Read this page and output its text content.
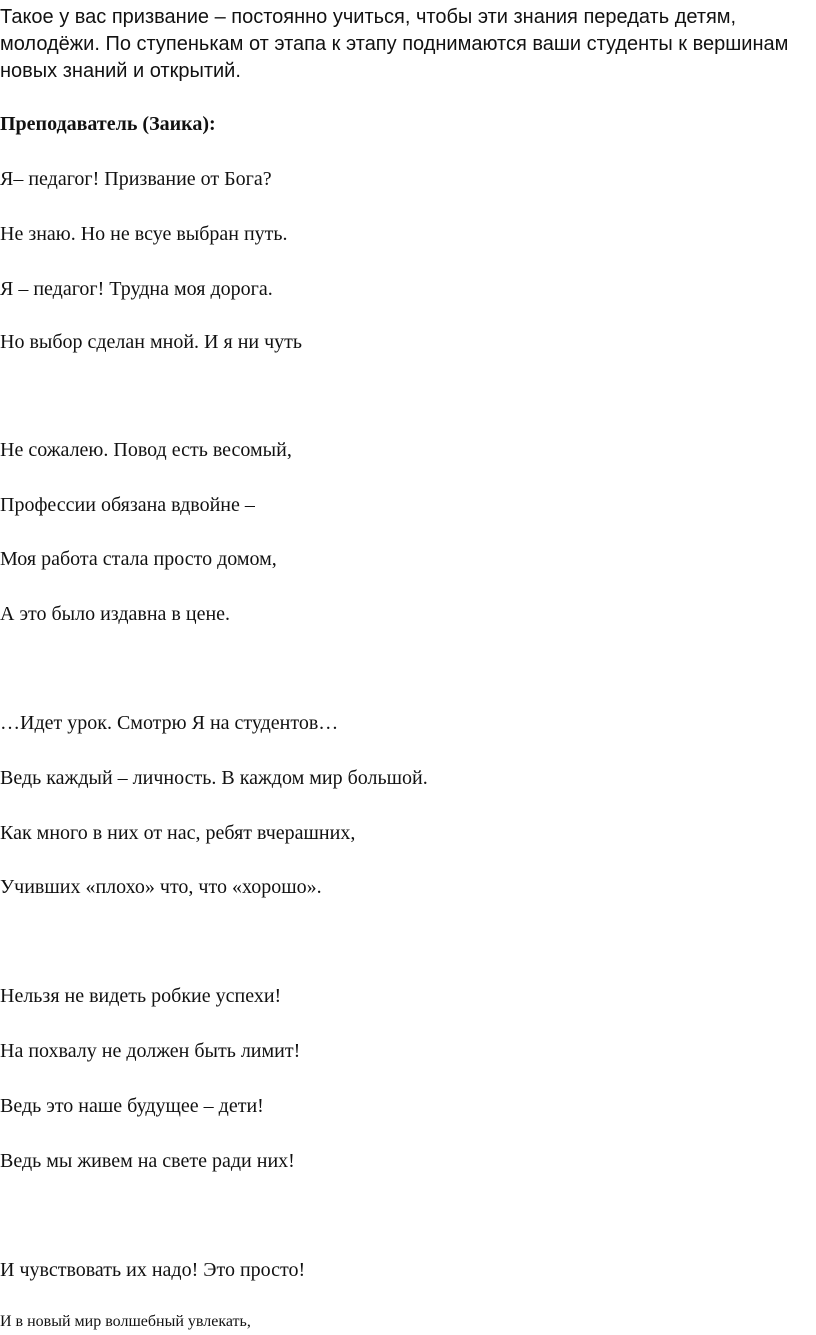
Такое у вас призвание – постоянно учиться, чтобы эти знания передать детям, молодёжи. По ступенькам от этапа к этапу поднимаются ваши студенты к вершинам новых знаний и открытий.

Преподаватель (Заика):

Я– педагог! Призвание от Бога?

Не знаю. Но не всуе выбран путь.

Я – педагог! Трудна моя дорога.

Но выбор сделан мной. И я ни чуть

Не сожалею. Повод есть весомый,

Профессии обязана вдвойне –

Моя работа стала просто домом,

А это было издавна в цене.

…Идет урок. Смотрю Я на студентов…

Ведь каждый – личность. В каждом мир большой.

Как много в них от нас, ребят вчерашних,

Учивших «плохо» что, что «хорошо».

Нельзя не видеть робкие успехи!

На похвалу не должен быть лимит!

Ведь это наше будущее – дети!

Ведь мы живем на свете ради них!

И чувствовать их надо! Это просто!

И в новый мир волшебный увлекать,
